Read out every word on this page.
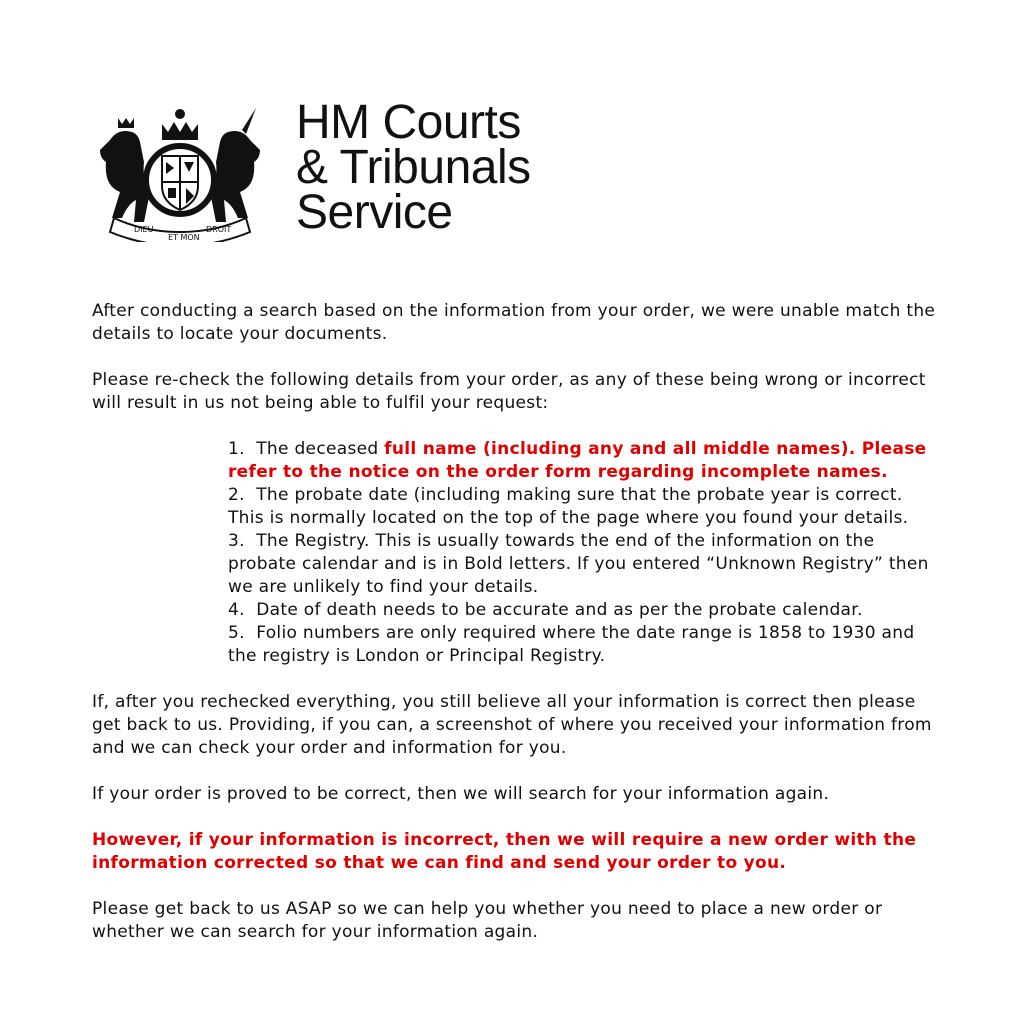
DIEU
ET MON
DROIT
HM Courts
& Tribunals
Service

After conducting a search based on the information from your order, we were unable match the details to locate your documents.

Please re-check the following details from your order, as any of these being wrong or incorrect will result in us not being able to fulfil your request:

1. The deceased full name (including any and all middle names). Please refer to the notice on the order form regarding incomplete names.

2. The probate date (including making sure that the probate year is correct. This is normally located on the top of the page where you found your details.

3. The Registry. This is usually towards the end of the information on the probate calendar and is in Bold letters. If you entered “Unknown Registry” then we are unlikely to find your details.

4. Date of death needs to be accurate and as per the probate calendar.

5. Folio numbers are only required where the date range is 1858 to 1930 and the registry is London or Principal Registry.

If, after you rechecked everything, you still believe all your information is correct then please get back to us. Providing, if you can, a screenshot of where you received your information from and we can check your order and information for you.

If your order is proved to be correct, then we will search for your information again.

However, if your information is incorrect, then we will require a new order with the information corrected so that we can find and send your order to you.

Please get back to us ASAP so we can help you whether you need to place a new order or whether we can search for your information again.
